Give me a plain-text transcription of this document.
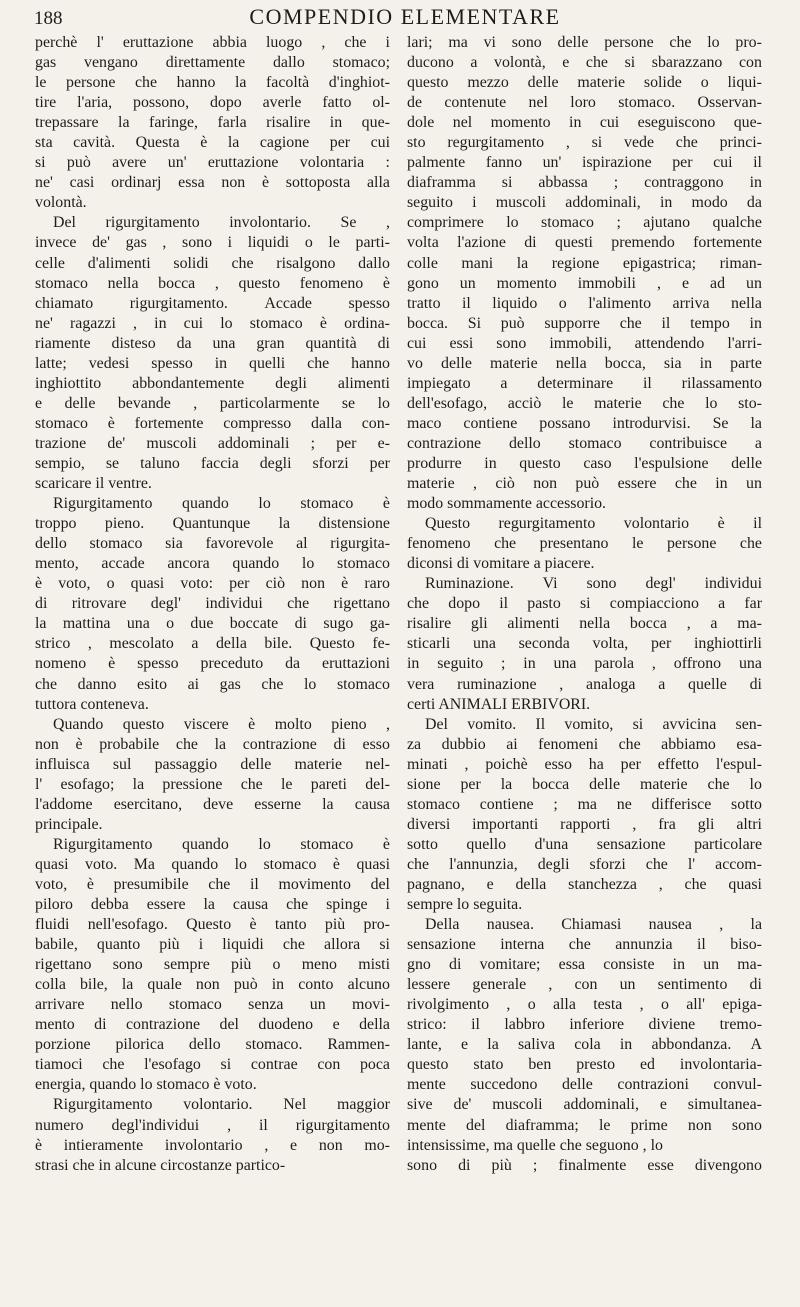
188	COMPENDIO ELEMENTARE
perchè l' eruttazione abbia luogo , che i
gas vengano direttamente dallo stomaco;
le persone che hanno la facoltà d'inghiot-
tire l'aria, possono, dopo averle fatto ol-
trepassare la faringe, farla risalire in que-
sta cavità. Questa è la cagione per cui
si può avere un' eruttazione volontaria :
ne' casi ordinarj essa non è sottoposta alla
volontà.
Del rigurgitamento involontario. Se ,
invece de' gas , sono i liquidi o le parti-
celle d'alimenti solidi che risalgono dallo
stomaco nella bocca , questo fenomeno è
chiamato rigurgitamento. Accade spesso
ne' ragazzi , in cui lo stomaco è ordina-
riamente disteso da una gran quantità di
latte; vedesi spesso in quelli che hanno
inghiottito abbondantemente degli alimenti
e delle bevande , particolarmente se lo
stomaco è fortemente compresso dalla con-
trazione de' muscoli addominali ; per e-
sempio, se taluno faccia degli sforzi per
scaricare il ventre.
Rigurgitamento quando lo stomaco è
troppo pieno. Quantunque la distensione
dello stomaco sia favorevole al rigurgita-
mento, accade ancora quando lo stomaco
è voto, o quasi voto: per ciò non è raro
di ritrovare degl' individui che rigettano
la mattina una o due boccate di sugo ga-
strico , mescolato a della bile. Questo fe-
nomeno è spesso preceduto da eruttazioni
che danno esito ai gas che lo stomaco
tuttora conteneva.
Quando questo viscere è molto pieno ,
non è probabile che la contrazione di esso
influisca sul passaggio delle materie nel-
l' esofago; la pressione che le pareti del-
l'addome esercitano, deve esserne la causa
principale.
Rigurgitamento quando lo stomaco è
quasi voto. Ma quando lo stomaco è quasi
voto, è presumibile che il movimento del
piloro debba essere la causa che spinge i
fluidi nell'esofago. Questo è tanto più pro-
babile, quanto più i liquidi che allora si
rigettano sono sempre più o meno misti
colla bile, la quale non può in conto alcuno
arrivare nello stomaco senza un movi-
mento di contrazione del duodeno e della
porzione pilorica dello stomaco. Rammen-
tiamoci che l'esofago si contrae con poca
energia, quando lo stomaco è voto.
Rigurgitamento volontario. Nel maggior
numero degl'individui , il rigurgitamento
è intieramente involontario , e non mo-
strasi che in alcune circostanze partico-
lari; ma vi sono delle persone che lo pro-
ducono a volontà, e che si sbarazzano con
questo mezzo delle materie solide o liqui-
de contenute nel loro stomaco. Osservan-
dole nel momento in cui eseguiscono que-
sto regurgitamento , si vede che princi-
palmente fanno un' ispirazione per cui il
diaframma si abbassa ; contraggono in
seguito i muscoli addominali, in modo da
comprimere lo stomaco ; ajutano qualche
volta l'azione di questi premendo fortemente
colle mani la regione epigastrica; riman-
gono un momento immobili , e ad un
tratto il liquido o l'alimento arriva nella
bocca. Si può supporre che il tempo in
cui essi sono immobili, attendendo l'arri-
vo delle materie nella bocca, sia in parte
impiegato a determinare il rilassamento
dell'esofago, acciò le materie che lo sto-
maco contiene possano introdurvisi. Se la
contrazione dello stomaco contribuisce a
produrre in questo caso l'espulsione delle
materie , ciò non può essere che in un
modo sommamente accessorio.
Questo regurgitamento volontario è il
fenomeno che presentano le persone che
diconsi di vomitare a piacere.
Ruminazione. Vi sono degl' individui
che dopo il pasto si compiacciono a far
risalire gli alimenti nella bocca , a ma-
sticarli una seconda volta, per inghiottirli
in seguito ; in una parola , offrono una
vera ruminazione , analoga a quelle di
certi ANIMALI ERBIVORI.
Del vomito. Il vomito, si avvicina sen-
za dubbio ai fenomeni che abbiamo esa-
minati , poichè esso ha per effetto l'espul-
sione per la bocca delle materie che lo
stomaco contiene ; ma ne differisce sotto
diversi importanti rapporti , fra gli altri
sotto quello d'una sensazione particolare
che l'annunzia, degli sforzi che l' accom-
pagnano, e della stanchezza , che quasi
sempre lo seguita.
Della nausea. Chiamasi nausea , la
sensazione interna che annunzia il biso-
gno di vomitare; essa consiste in un ma-
lessere generale , con un sentimento di
rivolgimento , o alla testa , o all' epiga-
strico: il labbro inferiore diviene tremo-
lante, e la saliva cola in abbondanza. A
questo stato ben presto ed involontaria-
mente succedono delle contrazioni convul-
sive de' muscoli addominali, e simultanea-
mente del diaframma; le prime non sono
intensissime, ma quelle che seguono , lo
sono di più ; finalmente esse divengono
